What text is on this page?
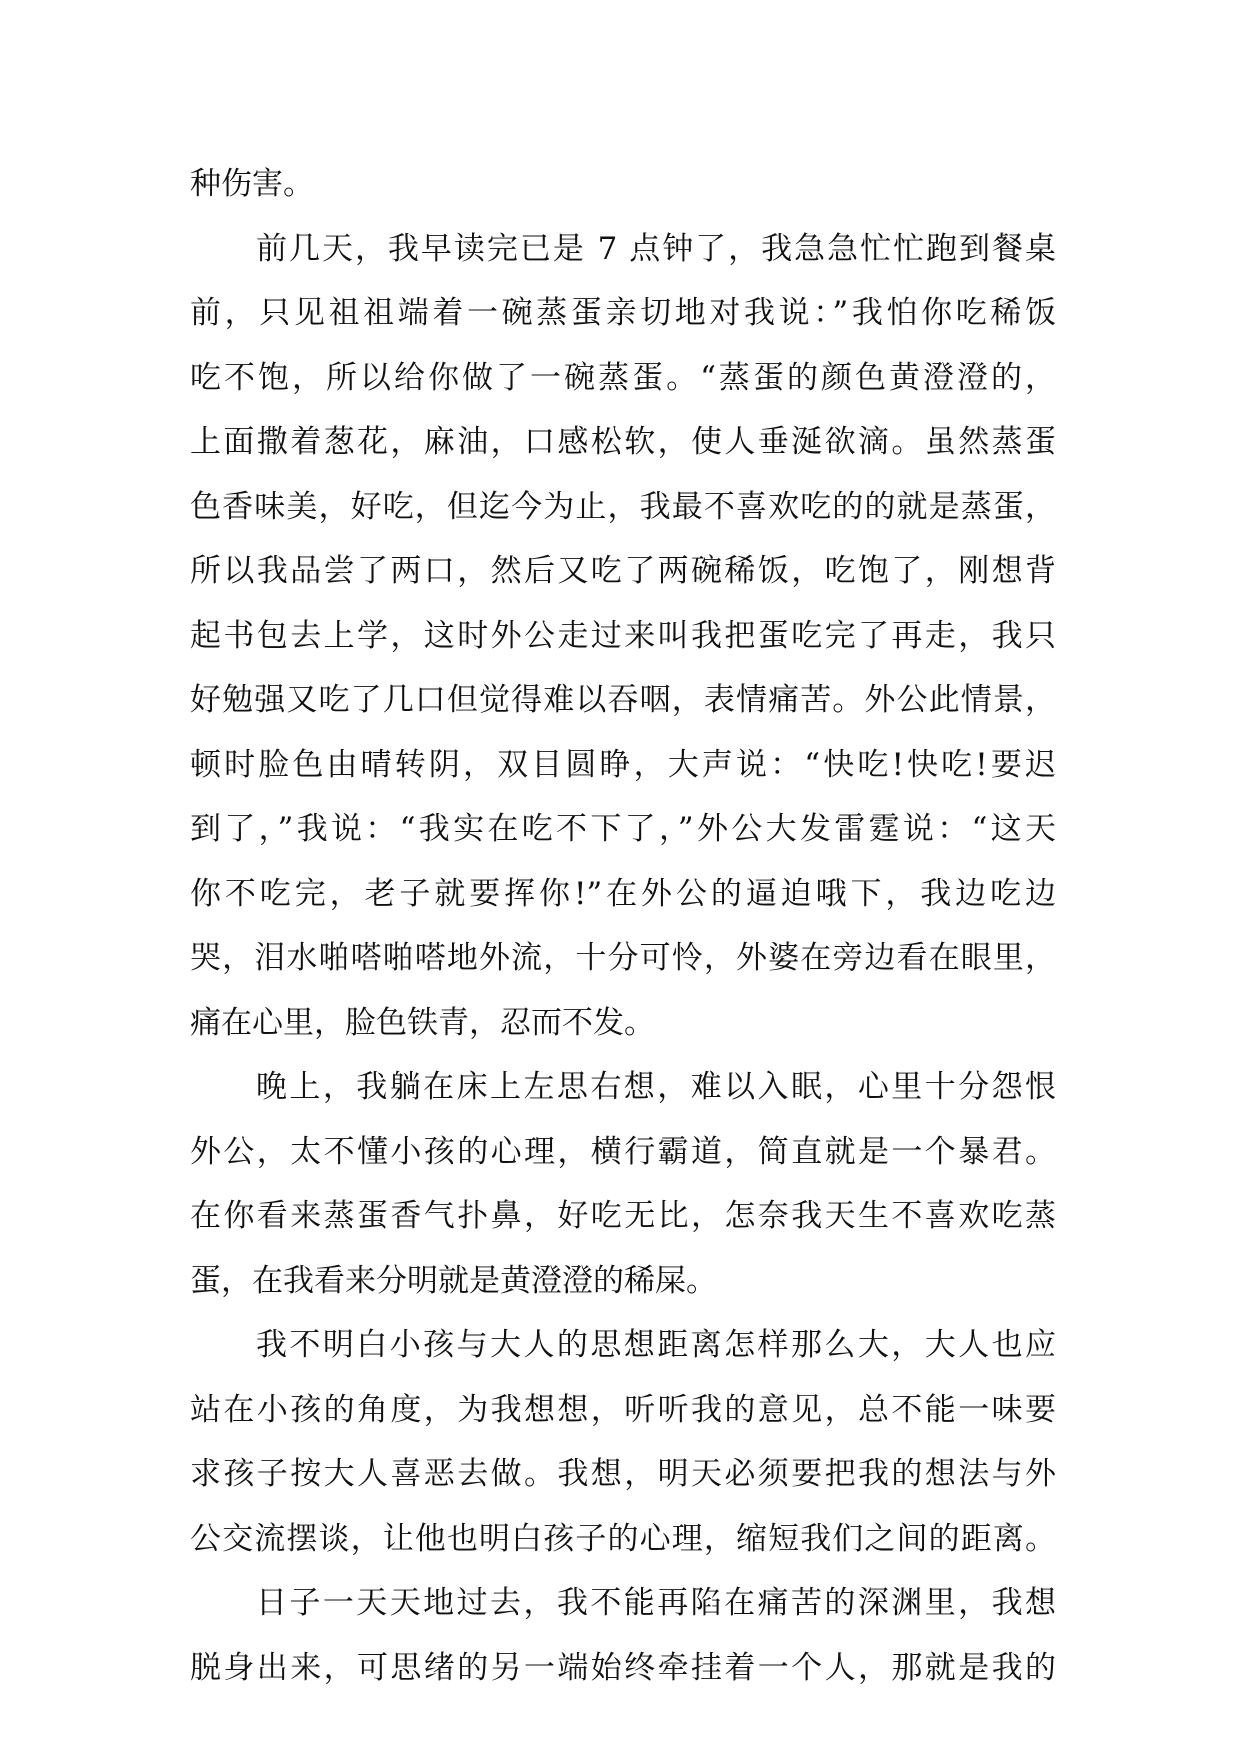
种伤害。
前几天，我早读完已是 7 点钟了，我急急忙忙跑到餐桌
前，只见祖祖端着一碗蒸蛋亲切地对我说：”我怕你吃稀饭
吃不饱，所以给你做了一碗蒸蛋。“蒸蛋的颜色黄澄澄的，
上面撒着葱花，麻油，口感松软，使人垂涎欲滴。虽然蒸蛋
色香味美，好吃，但迄今为止，我最不喜欢吃的的就是蒸蛋，
所以我品尝了两口，然后又吃了两碗稀饭，吃饱了，刚想背
起书包去上学，这时外公走过来叫我把蛋吃完了再走，我只
好勉强又吃了几口但觉得难以吞咽，表情痛苦。外公此情景，
顿时脸色由晴转阴，双目圆睁，大声说：“快吃!快吃!要迟
到了，”我说：“我实在吃不下了，”外公大发雷霆说：“这天
你不吃完，老子就要挥你!”在外公的逼迫哦下，我边吃边
哭，泪水啪嗒啪嗒地外流，十分可怜，外婆在旁边看在眼里，
痛在心里，脸色铁青，忍而不发。
晚上，我躺在床上左思右想，难以入眠，心里十分怨恨
外公，太不懂小孩的心理，横行霸道，简直就是一个暴君。
在你看来蒸蛋香气扑鼻，好吃无比，怎奈我天生不喜欢吃蒸
蛋，在我看来分明就是黄澄澄的稀屎。
我不明白小孩与大人的思想距离怎样那么大，大人也应
站在小孩的角度，为我想想，听听我的意见，总不能一味要
求孩子按大人喜恶去做。我想，明天必须要把我的想法与外
公交流摆谈，让他也明白孩子的心理，缩短我们之间的距离。
日子一天天地过去，我不能再陷在痛苦的深渊里，我想
脱身出来，可思绪的另一端始终牵挂着一个人，那就是我的
